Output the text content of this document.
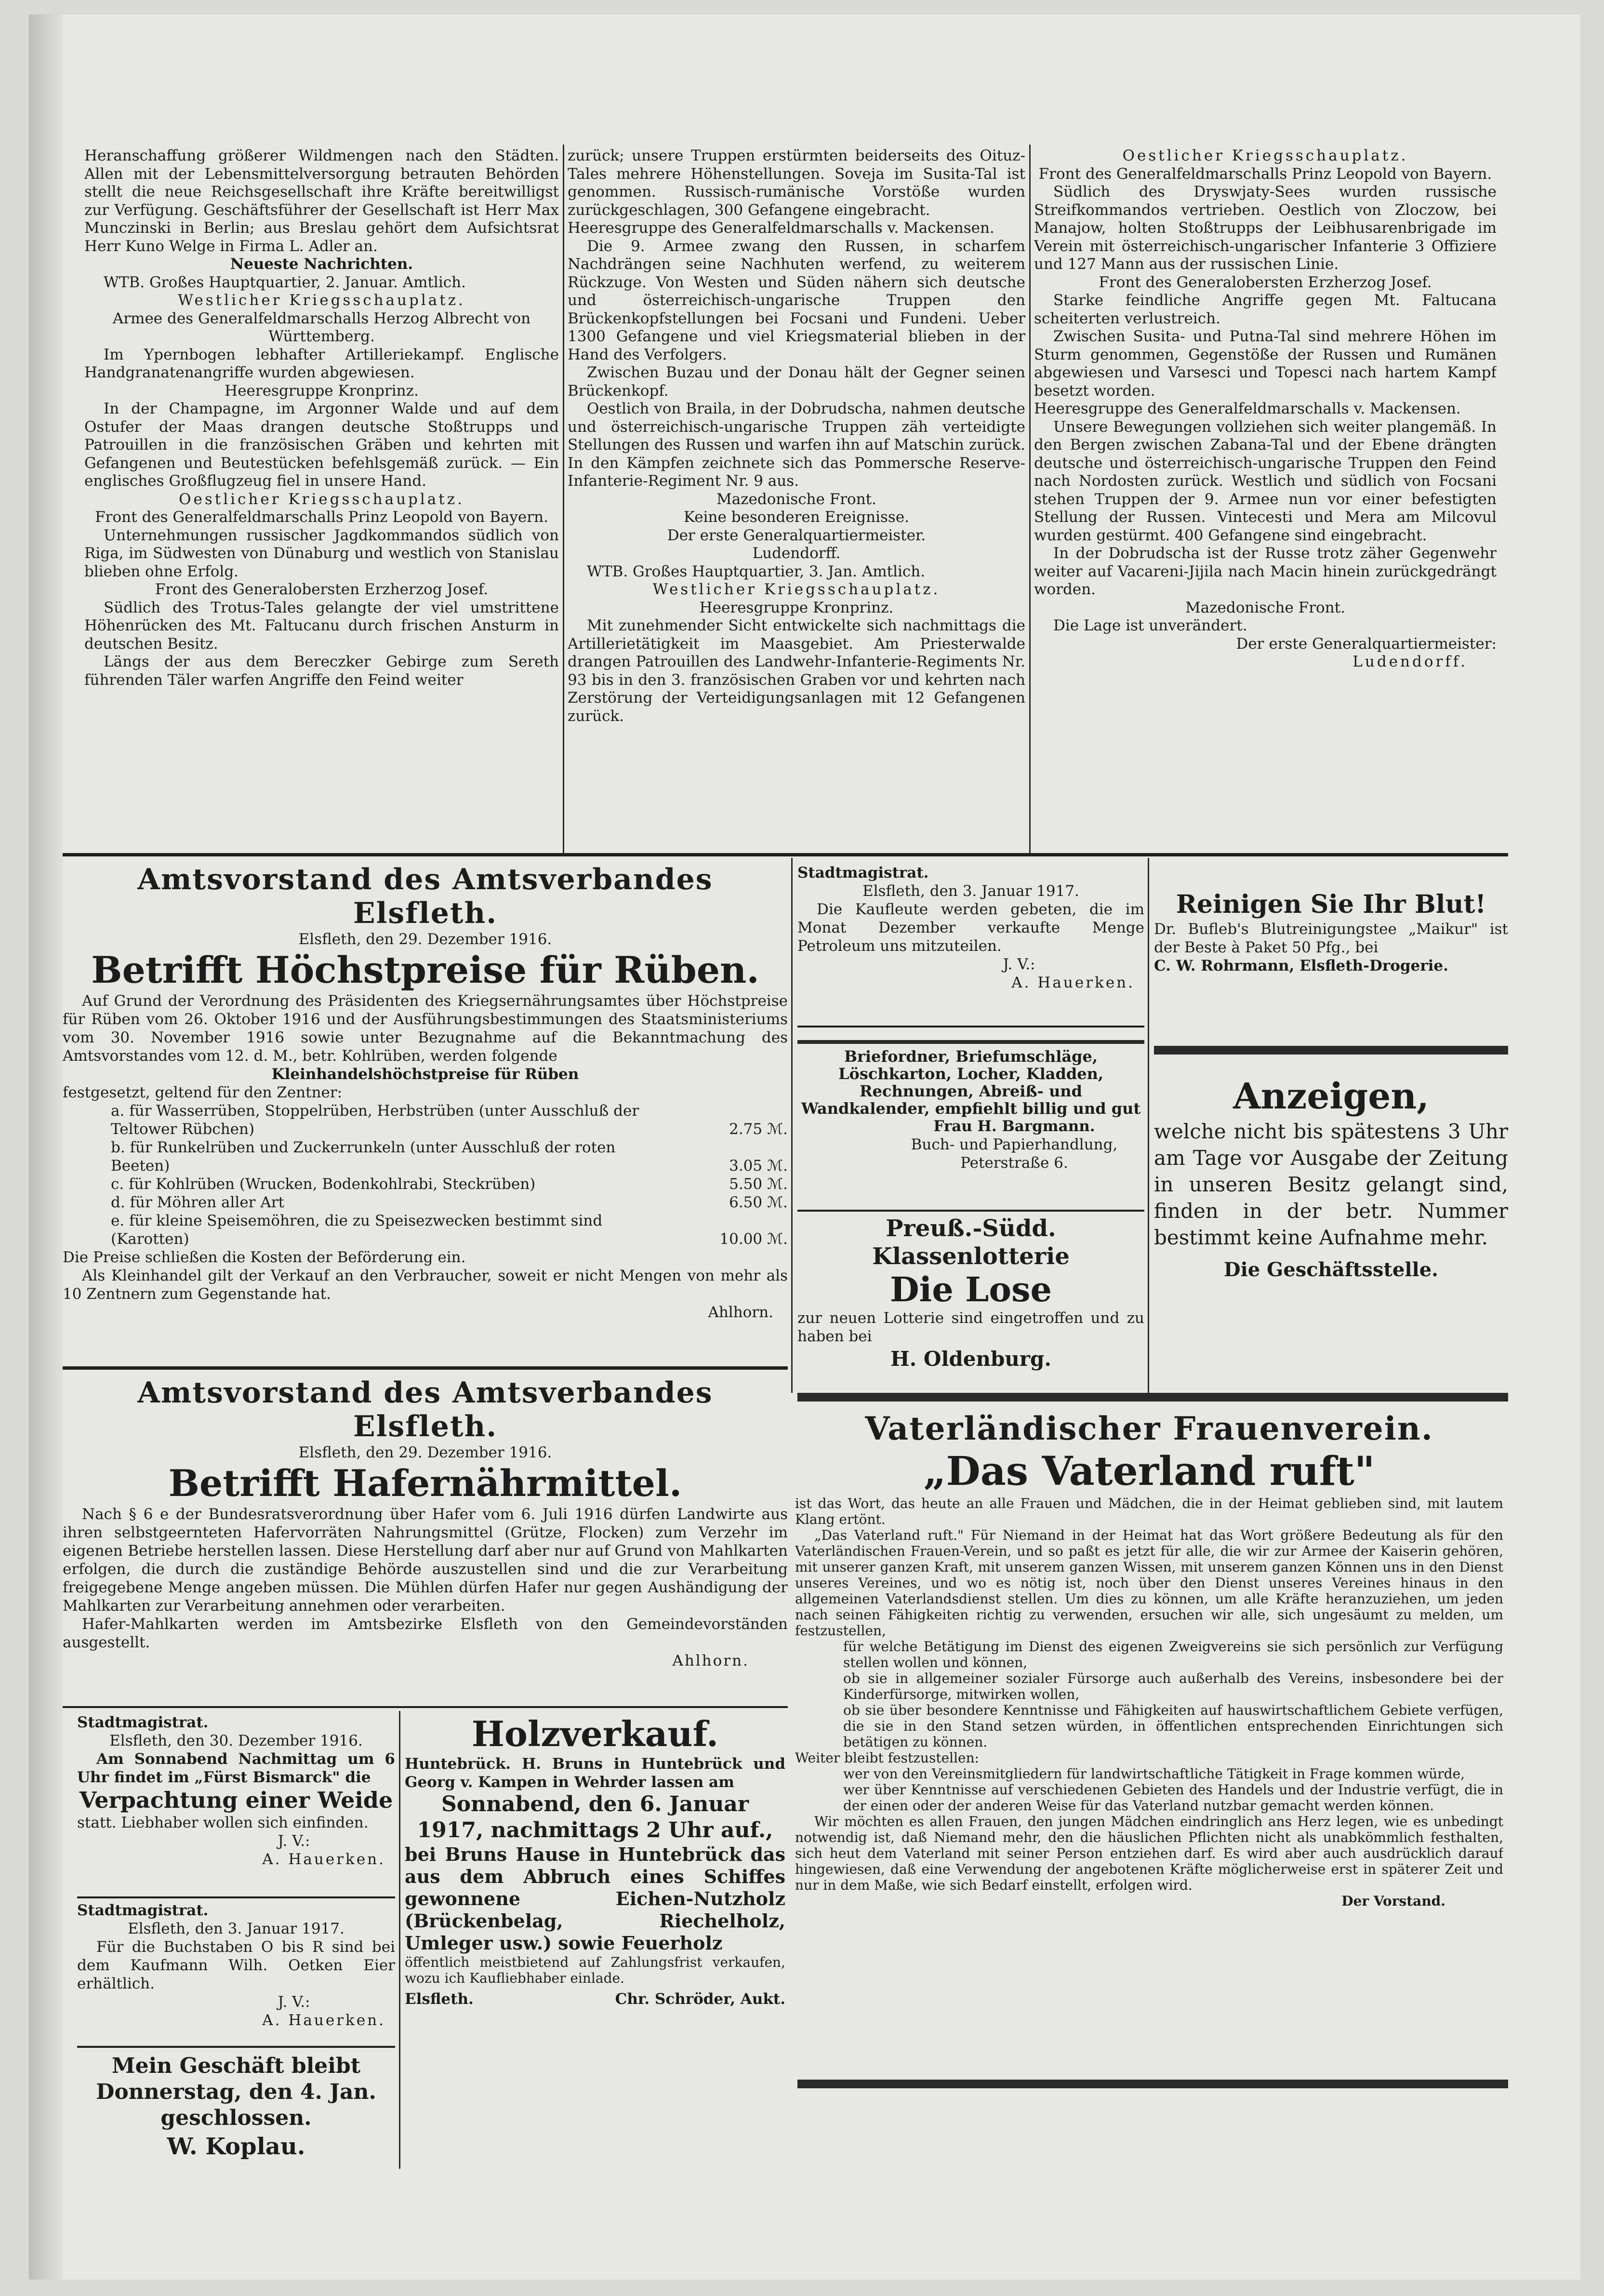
Heranschaffung größerer Wildmengen nach den Städten. Allen mit der Lebensmittelversorgung betrauten Behörden stellt die neue Reichsgesellschaft ihre Kräfte bereitwilligst zur Verfügung. Geschäftsführer der Gesellschaft ist Herr Max Munczinski in Berlin; aus Breslau gehört dem Aufsichtsrat Herr Kuno Welge in Firma L. Adler an.

Neueste Nachrichten.

WTB. Großes Hauptquartier, 2. Januar. Amtlich.

Westlicher Kriegsschauplatz.

Armee des Generalfeldmarschalls Herzog Albrecht von Württemberg.

Im Ypernbogen lebhafter Artilleriekampf. Englische Handgranatenangriffe wurden abgewiesen.

Heeresgruppe Kronprinz.

In der Champagne, im Argonner Walde und auf dem Ostufer der Maas drangen deutsche Stoßtrupps und Patrouillen in die französischen Gräben und kehrten mit Gefangenen und Beutestücken befehlsgemäß zurück. — Ein englisches Großflugzeug fiel in unsere Hand.

Oestlicher Kriegsschauplatz.

Front des Generalfeldmarschalls Prinz Leopold von Bayern.

Unternehmungen russischer Jagdkommandos südlich von Riga, im Südwesten von Dünaburg und westlich von Stanislau blieben ohne Erfolg.

Front des Generalobersten Erzherzog Josef.

Südlich des Trotus-Tales gelangte der viel umstrittene Höhenrücken des Mt. Faltucanu durch frischen Ansturm in deutschen Besitz.

Längs der aus dem Bereczker Gebirge zum Sereth führenden Täler warfen Angriffe den Feind weiter

zurück; unsere Truppen erstürmten beiderseits des Oituz-Tales mehrere Höhenstellungen. Soveja im Susita-Tal ist genommen. Russisch-rumänische Vorstöße wurden zurückgeschlagen, 300 Gefangene eingebracht.

Heeresgruppe des Generalfeldmarschalls v. Mackensen.

Die 9. Armee zwang den Russen, in scharfem Nachdrängen seine Nachhuten werfend, zu weiterem Rückzuge. Von Westen und Süden nähern sich deutsche und österreichisch-ungarische Truppen den Brückenkopfstellungen bei Focsani und Fundeni. Ueber 1300 Gefangene und viel Kriegsmaterial blieben in der Hand des Verfolgers.

Zwischen Buzau und der Donau hält der Gegner seinen Brückenkopf.

Oestlich von Braila, in der Dobrudscha, nahmen deutsche und österreichisch-ungarische Truppen zäh verteidigte Stellungen des Russen und warfen ihn auf Matschin zurück. In den Kämpfen zeichnete sich das Pommersche Reserve-Infanterie-Regiment Nr. 9 aus.

Mazedonische Front.

Keine besonderen Ereignisse.

Der erste Generalquartiermeister.

Ludendorff.

WTB. Großes Hauptquartier, 3. Jan. Amtlich.

Westlicher Kriegsschauplatz.

Heeresgruppe Kronprinz.

Mit zunehmender Sicht entwickelte sich nachmittags die Artillerietätigkeit im Maasgebiet. Am Priesterwalde drangen Patrouillen des Landwehr-Infanterie-Regiments Nr. 93 bis in den 3. französischen Graben vor und kehrten nach Zerstörung der Verteidigungsanlagen mit 12 Gefangenen zurück.

Oestlicher Kriegsschauplatz.

Front des Generalfeldmarschalls Prinz Leopold von Bayern.

Südlich des Dryswjaty-Sees wurden russische Streifkommandos vertrieben. Oestlich von Zloczow, bei Manajow, holten Stoßtrupps der Leibhusarenbrigade im Verein mit österreichisch-ungarischer Infanterie 3 Offiziere und 127 Mann aus der russischen Linie.

Front des Generalobersten Erzherzog Josef.

Starke feindliche Angriffe gegen Mt. Faltucana scheiterten verlustreich.

Zwischen Susita- und Putna-Tal sind mehrere Höhen im Sturm genommen, Gegenstöße der Russen und Rumänen abgewiesen und Varsesci und Topesci nach hartem Kampf besetzt worden.

Heeresgruppe des Generalfeldmarschalls v. Mackensen.

Unsere Bewegungen vollziehen sich weiter plangemäß. In den Bergen zwischen Zabana-Tal und der Ebene drängten deutsche und österreichisch-ungarische Truppen den Feind nach Nordosten zurück. Westlich und südlich von Focsani stehen Truppen der 9. Armee nun vor einer befestigten Stellung der Russen. Vintecesti und Mera am Milcovul wurden gestürmt. 400 Gefangene sind eingebracht.

In der Dobrudscha ist der Russe trotz zäher Gegenwehr weiter auf Vacareni-Jijila nach Macin hinein zurückgedrängt worden.

Mazedonische Front.

Die Lage ist unverändert.

Der erste Generalquartiermeister:

Ludendorff.

Amtsvorstand des Amtsverbandes Elsfleth.
Elsfleth, den 29. Dezember 1916.
Betrifft Höchstpreise für Rüben.

Auf Grund der Verordnung des Präsidenten des Kriegsernährungsamtes über Höchstpreise für Rüben vom 26. Oktober 1916 und der Ausführungsbestimmungen des Staatsministeriums vom 30. November 1916 sowie unter Bezugnahme auf die Bekanntmachung des Amtsvorstandes vom 12. d. M., betr. Kohlrüben, werden folgende

Kleinhandelshöchstpreise für Rüben

festgesetzt, geltend für den Zentner:

a. für Wasserrüben, Stoppelrüben, Herbstrüben (unter Ausschluß der Teltower Rübchen)	2.75 ℳ.
b. für Runkelrüben und Zuckerrunkeln (unter Ausschluß der roten Beeten)	3.05 ℳ.
c. für Kohlrüben (Wrucken, Bodenkohlrabi, Steckrüben)	5.50 ℳ.
d. für Möhren aller Art	6.50 ℳ.
e. für kleine Speisemöhren, die zu Speisezwecken bestimmt sind (Karotten)	10.00 ℳ.

Die Preise schließen die Kosten der Beförderung ein.

Als Kleinhandel gilt der Verkauf an den Verbraucher, soweit er nicht Mengen von mehr als 10 Zentnern zum Gegenstande hat.

Ahlhorn.
Stadtmagistrat.
Elsfleth, den 3. Januar 1917.

Die Kaufleute werden gebeten, die im Monat Dezember verkaufte Menge Petroleum uns mitzuteilen.

J. V.:
A. Hauerken.
Reinigen Sie Ihr Blut!

Dr. Bufleb's Blutreinigungstee „Maikur" ist der Beste à Paket 50 Pfg., bei

C. W. Rohrmann, Elsfleth-Drogerie.
Briefordner, Briefumschläge, Löschkarton, Locher, Kladden, Rechnungen, Abreiß- und Wandkalender, empfiehlt billig und gut
Frau H. Bargmann.
Buch- und Papierhandlung,
Peterstraße 6.
Anzeigen,

welche nicht bis spätestens 3 Uhr am Tage vor Ausgabe der Zeitung in unseren Besitz gelangt sind, finden in der betr. Nummer bestimmt keine Aufnahme mehr.

Die Geschäftsstelle.
Preuß.-Südd. Klassenlotterie
Die Lose

zur neuen Lotterie sind eingetroffen und zu haben bei

H. Oldenburg.
Amtsvorstand des Amtsverbandes Elsfleth.
Elsfleth, den 29. Dezember 1916.
Betrifft Hafernährmittel.

Nach § 6 e der Bundesratsverordnung über Hafer vom 6. Juli 1916 dürfen Landwirte aus ihren selbstgeernteten Hafervorräten Nahrungsmittel (Grütze, Flocken) zum Verzehr im eigenen Betriebe herstellen lassen. Diese Herstellung darf aber nur auf Grund von Mahlkarten erfolgen, die durch die zuständige Behörde auszustellen sind und die zur Verarbeitung freigegebene Menge angeben müssen. Die Mühlen dürfen Hafer nur gegen Aushändigung der Mahlkarten zur Verarbeitung annehmen oder verarbeiten.

Hafer-Mahlkarten werden im Amtsbezirke Elsfleth von den Gemeindevorständen ausgestellt.

Ahlhorn.
Vaterländischer Frauenverein.
„Das Vaterland ruft"

ist das Wort, das heute an alle Frauen und Mädchen, die in der Heimat geblieben sind, mit lautem Klang ertönt.

„Das Vaterland ruft." Für Niemand in der Heimat hat das Wort größere Bedeutung als für den Vaterländischen Frauen-Verein, und so paßt es jetzt für alle, die wir zur Armee der Kaiserin gehören, mit unserer ganzen Kraft, mit unserem ganzen Wissen, mit unserem ganzen Können uns in den Dienst unseres Vereines, und wo es nötig ist, noch über den Dienst unseres Vereines hinaus in den allgemeinen Vaterlandsdienst stellen. Um dies zu können, um alle Kräfte heranzuziehen, um jeden nach seinen Fähigkeiten richtig zu verwenden, ersuchen wir alle, sich ungesäumt zu melden, um festzustellen,

für welche Betätigung im Dienst des eigenen Zweigvereins sie sich persönlich zur Verfügung stellen wollen und können,

ob sie in allgemeiner sozialer Fürsorge auch außerhalb des Vereins, insbesondere bei der Kinderfürsorge, mitwirken wollen,

ob sie über besondere Kenntnisse und Fähigkeiten auf hauswirtschaftlichem Gebiete verfügen, die sie in den Stand setzen würden, in öffentlichen entsprechenden Einrichtungen sich betätigen zu können.

Weiter bleibt festzustellen:

wer von den Vereinsmitgliedern für landwirtschaftliche Tätigkeit in Frage kommen würde,

wer über Kenntnisse auf verschiedenen Gebieten des Handels und der Industrie verfügt, die in der einen oder der anderen Weise für das Vaterland nutzbar gemacht werden können.

Wir möchten es allen Frauen, den jungen Mädchen eindringlich ans Herz legen, wie es unbedingt notwendig ist, daß Niemand mehr, den die häuslichen Pflichten nicht als unabkömmlich festhalten, sich heut dem Vaterland mit seiner Person entziehen darf. Es wird aber auch ausdrücklich darauf hingewiesen, daß eine Verwendung der angebotenen Kräfte möglicherweise erst in späterer Zeit und nur in dem Maße, wie sich Bedarf einstellt, erfolgen wird.

Der Vorstand.
Stadtmagistrat.
Elsfleth, den 30. Dezember 1916.

Am Sonnabend Nachmittag um 6 Uhr findet im „Fürst Bismarck" die

Verpachtung einer Weide

statt. Liebhaber wollen sich einfinden.

J. V.:
A. Hauerken.
Stadtmagistrat.
Elsfleth, den 3. Januar 1917.

Für die Buchstaben O bis R sind bei dem Kaufmann Wilh. Oetken Eier erhältlich.

J. V.:
A. Hauerken.
Mein Geschäft bleibt Donnerstag, den 4. Jan. geschlossen.
W. Koplau.
Holzverkauf.

Huntebrück. H. Bruns in Huntebrück und Georg v. Kampen in Wehrder lassen am

Sonnabend, den 6. Januar 1917, nachmittags 2 Uhr auf.,

bei Bruns Hause in Huntebrück das aus dem Abbruch eines Schiffes gewonnene Eichen-Nutzholz (Brückenbelag, Riechelholz, Umleger usw.) sowie Feuerholz

öffentlich meistbietend auf Zahlungsfrist verkaufen, wozu ich Kaufliebhaber einlade.

Elsfleth.	Chr. Schröder, Aukt.
